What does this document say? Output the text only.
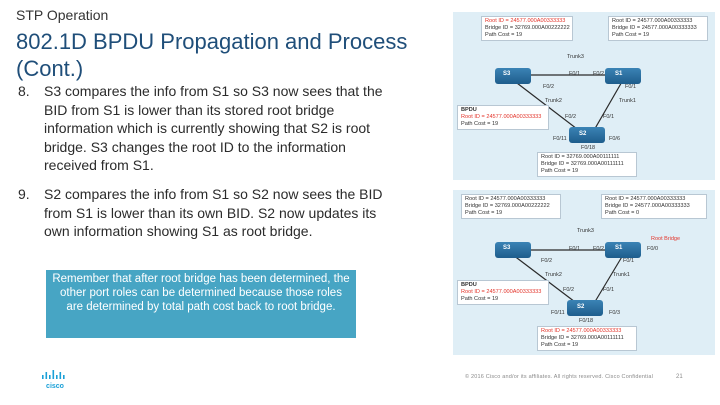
STP Operation
802.1D BPDU Propagation and Process (Cont.)
8.	S3 compares the info from S1 so S3 now sees that the BID from S1 is lower than its stored root bridge information which is currently showing that S2 is root bridge. S3 changes the root ID to the information received from S1.
9.	S2 compares the info from S1 so S2 now sees the BID from S1 is lower than its own BID. S2 now updates its own information showing S1 as root bridge.
Remember that after root bridge has been determined, the other port roles can be determined because those roles are determined by total path cost back to root bridge.
Root ID = 24577.000A00333333
Bridge ID = 32769.000A00222222
Path Cost = 19
Root ID = 24577.000A00333333
Bridge ID = 24577.000A00333333
Path Cost = 19
BPDU
Root ID = 24577.000A00333333
Path Cost = 19
Root ID = 32769.000A00111111
Bridge ID = 32769.000A00111111
Path Cost = 19
S3	S1
S2
Trunk3
Trunk2	Trunk1
F0/1 F0/2
F0/2	F0/1
F0/2	F0/1
F0/11	F0/6
F0/18
Root ID = 24577.000A00333333
Bridge ID = 32769.000A00222222
Path Cost = 19
Root ID = 24577.000A00333333
Bridge ID = 24577.000A00333333
Path Cost = 0
BPDU
Root ID = 24577.000A00333333
Path Cost = 19
Root ID = 24577.000A00333333
Bridge ID = 32769.000A00111111
Path Cost = 19
Root Bridge
S3	S1
S2
Trunk3
Trunk2	Trunk1
F0/1 F0/2
F0/2	F0/1
F0/2	F0/1
F0/0
F0/11	F0/3
F0/18
cisco
© 2016 Cisco and/or its affiliates. All rights reserved. Cisco Confidential	21
